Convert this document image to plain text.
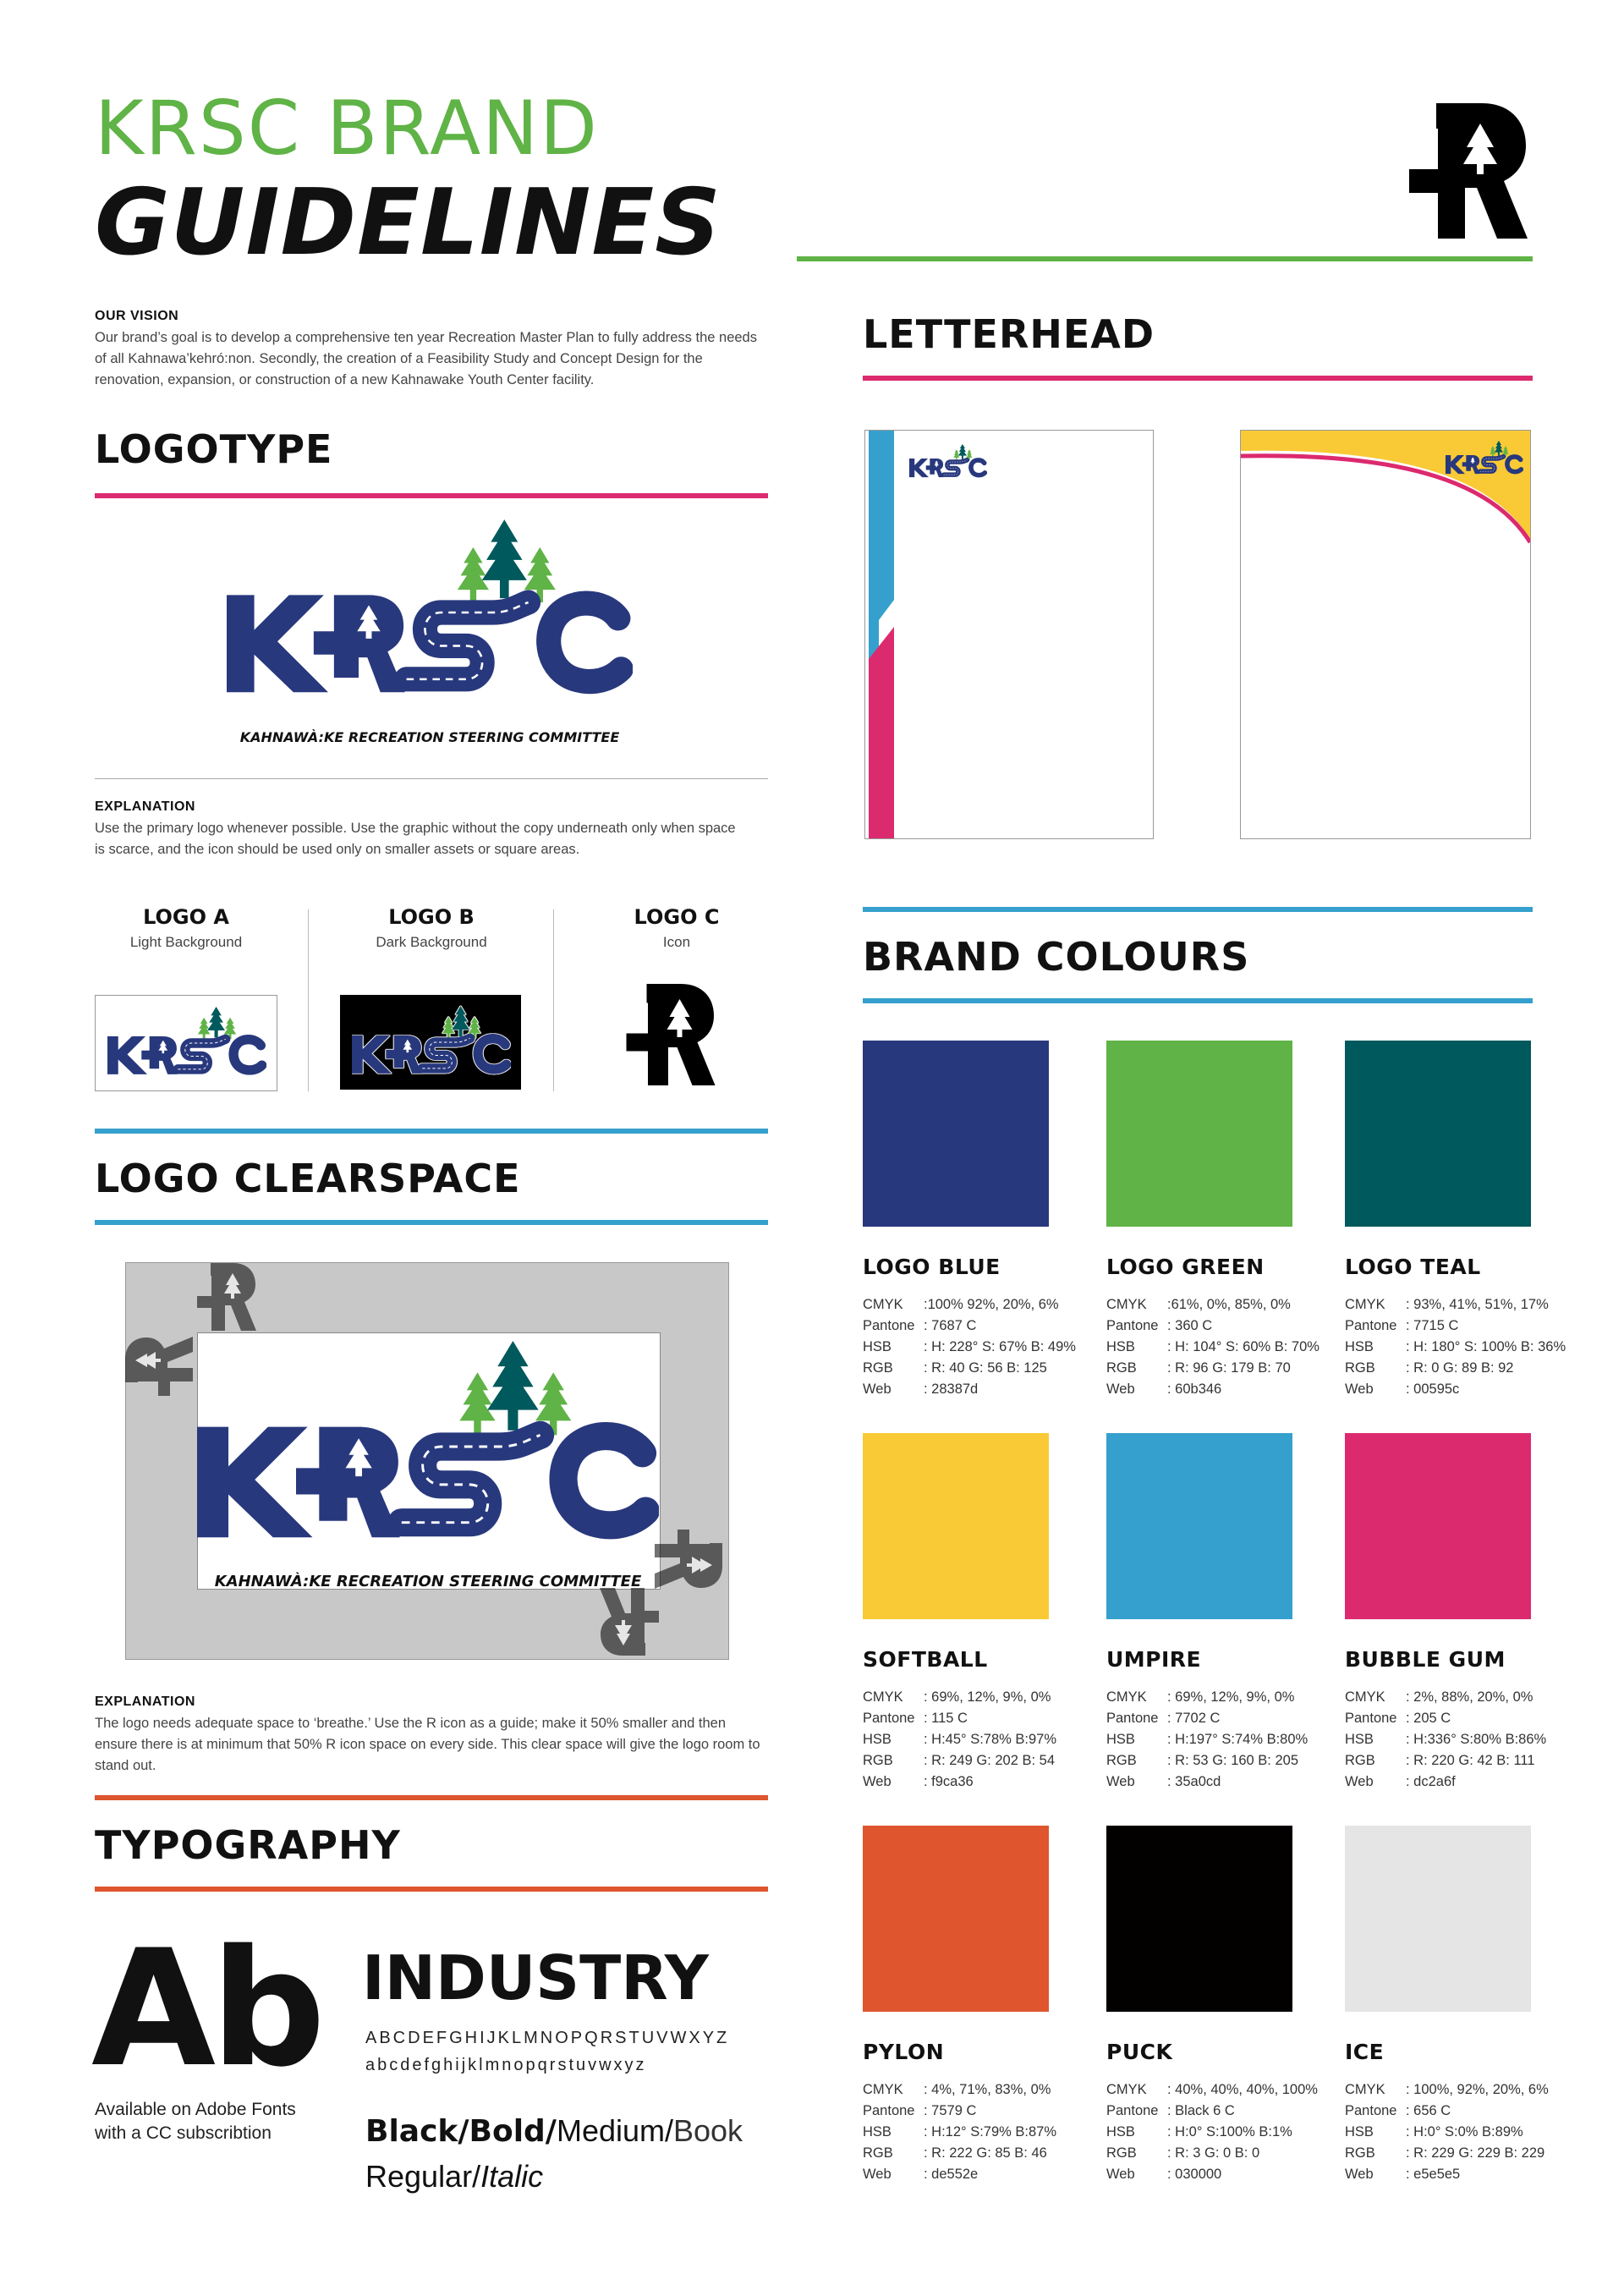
KRSC BRAND
GUIDELINES
OUR VISION
Our brand’s goal is to develop a comprehensive ten year Recreation Master Plan to fully address the needs of all Kahnawa’kehró:non. Secondly, the creation of a Feasibility Study and Concept Design for the renovation, expansion, or construction of a new Kahnawake Youth Center facility.
LOGOTYPE
KAHNAWÀ:KE RECREATION STEERING COMMITTEE
EXPLANATION
Use the primary logo whenever possible. Use the graphic without the copy underneath only when space is scarce, and the icon should be used only on smaller assets or square areas.
LOGO A
Light Background
LOGO B
Dark Background
LOGO C
Icon
LOGO CLEARSPACE
KAHNAWÀ:KE RECREATION STEERING COMMITTEE
EXPLANATION
The logo needs adequate space to ‘breathe.’ Use the R icon as a guide; make it 50% smaller and then ensure there is at minimum that 50% R icon space on every side. This clear space will give the logo room to stand out.
TYPOGRAPHY
Ab
Available on Adobe Fonts with a CC subscribtion
INDUSTRY
ABCDEFGHIJKLMNOPQRSTUVWXYZ
abcdefghijklmnopqrstuvwxyz
Black/Bold/Medium/Book
Regular/Italic
LETTERHEAD
BRAND COLOURS
LOGO BLUE
CMYK	:100% 92%, 20%, 6%
Pantone : 7687 C
HSB	: H: 228° S: 67% B: 49%
RGB	: R: 40 G: 56 B: 125
Web	: 28387d
LOGO GREEN
CMYK	:61%, 0%, 85%, 0%
Pantone : 360 C
HSB	: H: 104° S: 60% B: 70%
RGB	: R: 96 G: 179 B: 70
Web	: 60b346
LOGO TEAL
CMYK	: 93%, 41%, 51%, 17%
Pantone : 7715 C
HSB	: H: 180° S: 100% B: 36%
RGB	: R: 0 G: 89 B: 92
Web	: 00595c
SOFTBALL
CMYK	: 69%, 12%, 9%, 0%
Pantone : 115 C
HSB	: H:45° S:78% B:97%
RGB	: R: 249 G: 202 B: 54
Web	: f9ca36
UMPIRE
CMYK	: 69%, 12%, 9%, 0%
Pantone : 7702 C
HSB	: H:197° S:74% B:80%
RGB	: R: 53 G: 160 B: 205
Web	: 35a0cd
BUBBLE GUM
CMYK	: 2%, 88%, 20%, 0%
Pantone : 205 C
HSB	: H:336° S:80% B:86%
RGB	: R: 220 G: 42 B: 111
Web	: dc2a6f
PYLON
CMYK	: 4%, 71%, 83%, 0%
Pantone : 7579 C
HSB	: H:12° S:79% B:87%
RGB	: R: 222 G: 85 B: 46
Web	: de552e
PUCK
CMYK	: 40%, 40%, 40%, 100%
Pantone : Black 6 C
HSB	: H:0° S:100% B:1%
RGB	: R: 3 G: 0 B: 0
Web	: 030000
ICE
CMYK	: 100%, 92%, 20%, 6%
Pantone : 656 C
HSB	: H:0° S:0% B:89%
RGB	: R: 229 G: 229 B: 229
Web	: e5e5e5
